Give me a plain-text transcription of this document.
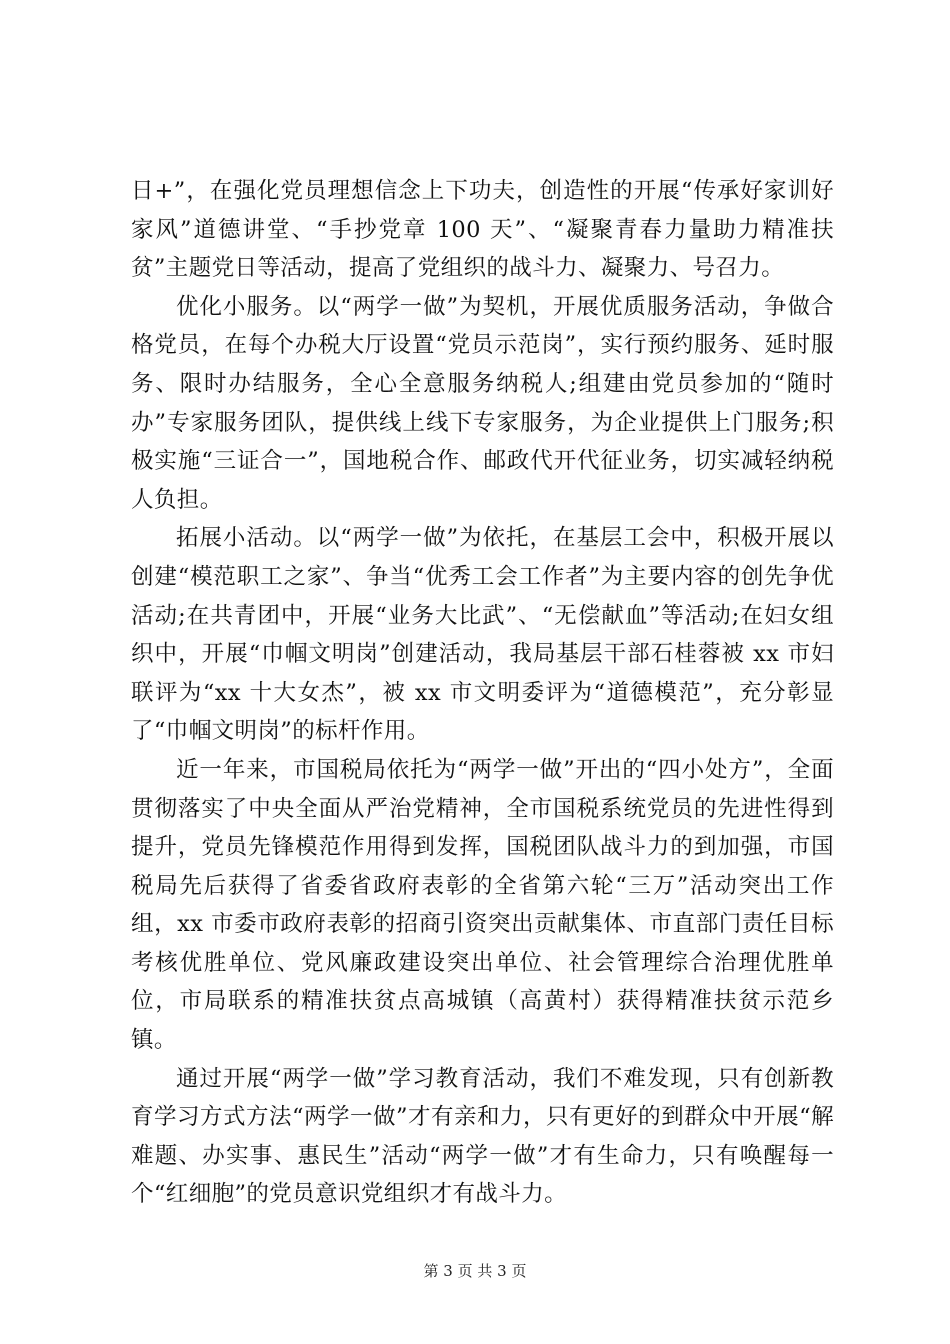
日+”，在强化党员理想信念上下功夫，创造性的开展“传承好家训好家风”道德讲堂、“手抄党章 100 天”、“凝聚青春力量助力精准扶贫”主题党日等活动，提高了党组织的战斗力、凝聚力、号召力。

优化小服务。以“两学一做”为契机，开展优质服务活动，争做合格党员，在每个办税大厅设置“党员示范岗”，实行预约服务、延时服务、限时办结服务，全心全意服务纳税人;组建由党员参加的“随时办”专家服务团队，提供线上线下专家服务，为企业提供上门服务;积极实施“三证合一”，国地税合作、邮政代开代征业务，切实减轻纳税人负担。

拓展小活动。以“两学一做”为依托，在基层工会中，积极开展以创建“模范职工之家”、争当“优秀工会工作者”为主要内容的创先争优活动;在共青团中，开展“业务大比武”、“无偿献血”等活动;在妇女组织中，开展“巾帼文明岗”创建活动，我局基层干部石桂蓉被 xx 市妇联评为“xx 十大女杰”，被 xx 市文明委评为“道德模范”，充分彰显了“巾帼文明岗”的标杆作用。

近一年来，市国税局依托为“两学一做”开出的“四小处方”，全面贯彻落实了中央全面从严治党精神，全市国税系统党员的先进性得到提升，党员先锋模范作用得到发挥，国税团队战斗力的到加强，市国税局先后获得了省委省政府表彰的全省第六轮“三万”活动突出工作组，xx 市委市政府表彰的招商引资突出贡献集体、市直部门责任目标考核优胜单位、党风廉政建设突出单位、社会管理综合治理优胜单位，市局联系的精准扶贫点高城镇（高黄村）获得精准扶贫示范乡镇。

通过开展“两学一做”学习教育活动，我们不难发现，只有创新教育学习方式方法“两学一做”才有亲和力，只有更好的到群众中开展“解难题、办实事、惠民生”活动“两学一做”才有生命力，只有唤醒每一个“红细胞”的党员意识党组织才有战斗力。

第 3 页 共 3 页
